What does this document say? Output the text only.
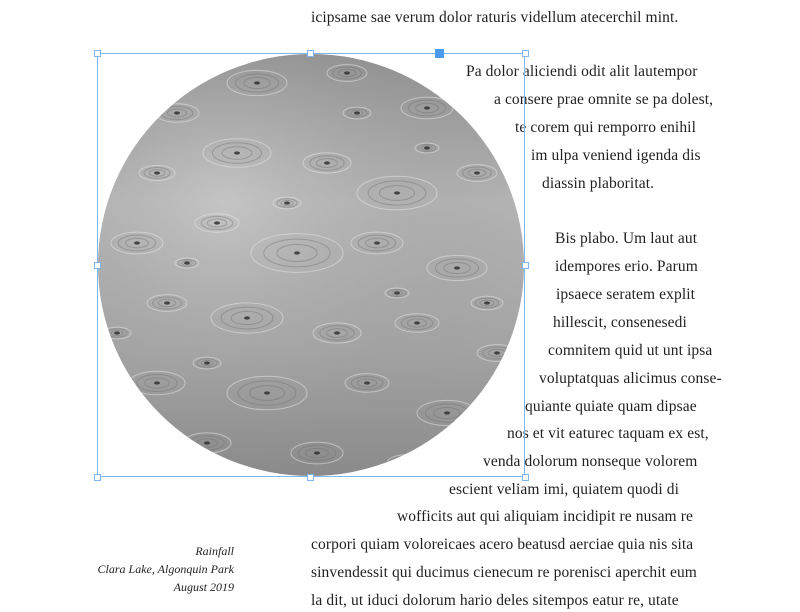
icipsame sae verum dolor raturis videllum atecerchil mint.
Pa dolor aliciendi odit alit lautempor
a consere prae omnite se pa dolest,
te corem qui remporro enihil
im ulpa veniend igenda dis
diassin plaboritat.
Bis plabo. Um laut aut
idempores erio. Parum
ipsaece seratem explit
hillescit, consenesedi
comnitem quid ut unt ipsa
voluptatquas alicimus conse-
quiante quiate quam dipsae
nos et vit eaturec taquam ex est,
venda dolorum nonseque volorem
escient veliam imi, quiatem quodi di
wofficits aut qui aliquiam incidipit re nusam re
corpori quiam voloreicaes acero beatusd aerciae quia nis sita
sinvendessit qui ducimus cienecum re porenisci aperchit eum
la dit, ut iduci dolorum hario deles sitempos eatur re, utate
Rainfall
Clara Lake, Algonquin Park
August 2019
